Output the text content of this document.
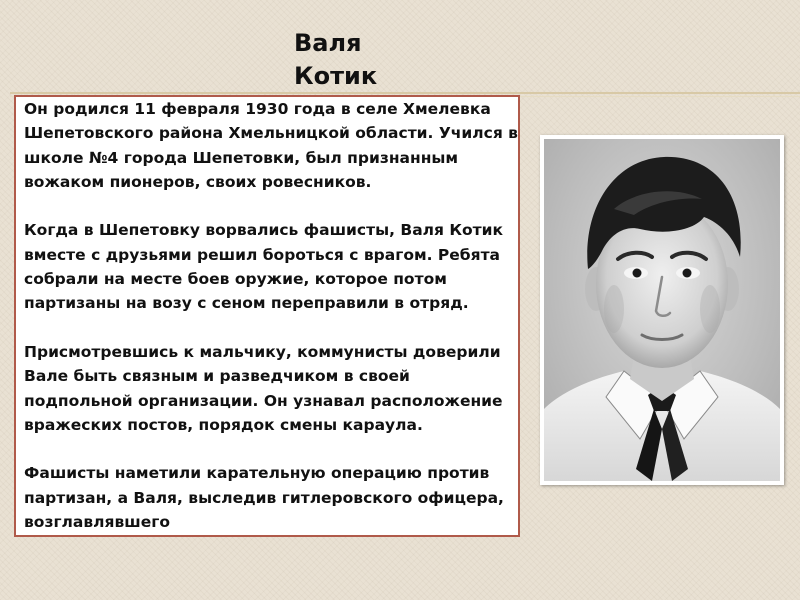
Валя Котик

Он родился 11 февраля 1930 года в селе Хмелевка Шепетовского района Хмельницкой области. Учился в школе №4 города Шепетовки, был признанным вожаком пионеров, своих ровесников.

Когда в Шепетовку ворвались фашисты, Валя Котик вместе с друзьями решил бороться с врагом. Ребята собрали на месте боев оружие, которое потом партизаны на возу с сеном переправили в отряд.

Присмотревшись к мальчику, коммунисты доверили Вале быть связным и разведчиком в своей подпольной организации. Он узнавал расположение вражеских постов, порядок смены караула.

Фашисты наметили карательную операцию против партизан, а Валя, выследив гитлеровского офицера, возглавлявшего
